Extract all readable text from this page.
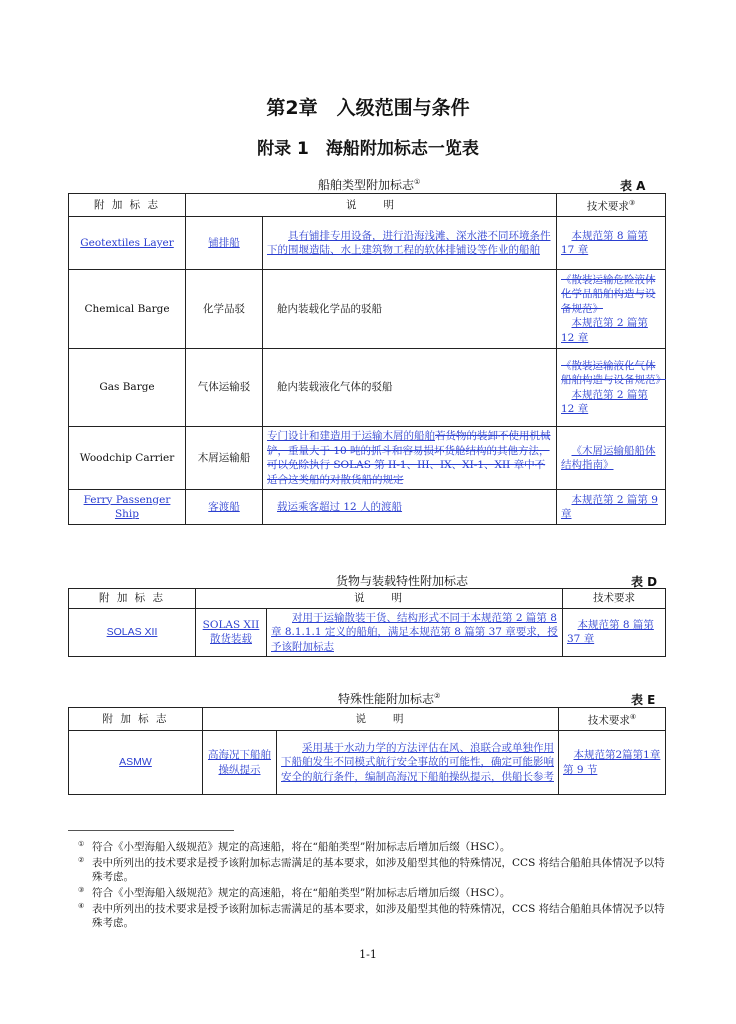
第2章　入级范围与条件
附录 1　海船附加标志一览表
船舶类型附加标志①	表 A
附 加 标 志	说　　明		技术要求③
Geotextiles Layer	铺排船	具有铺排专用设备，进行沿海浅滩、深水港不同环境条件下的围堰造陆、水上建筑物工程的软体排铺设等作业的船舶	本规范第 8 篇第 17 章
Chemical Barge	化学品驳	舱内装载化学品的驳船	《散装运输危险液体化学品船舶构造与设备规范》
本规范第 2 篇第 12 章

Gas Barge	气体运输驳	舱内装载液化气体的驳船	《散装运输液化气体船舶构造与设备规范》
本规范第 2 篇第 12 章

Woodchip Carrier	木屑运输船	专门设计和建造用于运输木屑的船舶若货物的装卸不使用机械铲，重量大于 10 吨的抓斗和容易损坏货舱结构的其他方法，可以免除执行 SOLAS 第 II-1、III、IX、XI-1、XII 章中不适合这类船的对散货船的规定	《木屑运输船船体结构指南》
Ferry Passenger Ship	客渡船	载运乘客超过 12 人的渡船	本规范第 2 篇第 9 章
货物与装载特性附加标志	表 D
附 加 标 志	说　　明		技术要求
SOLAS XII	SOLAS XII 散货装载	对用于运输散装干货、结构形式不同于本规范第 2 篇第 8 章 8.1.1.1 定义的船舶，满足本规范第 8 篇第 37 章要求，授予该附加标志	本规范第 8 篇第 37 章
特殊性能附加标志②	表 E
附 加 标 志	说　　明		技术要求④
ASMW	高海况下船舶操纵提示	采用基于水动力学的方法评估在风、浪联合或单独作用下船舶发生不同模式航行安全事故的可能性，确定可能影响安全的航行条件，编制高海况下船舶操纵提示，供船长参考	本规范第2篇第1章第 9 节
① 符合《小型海船入级规范》规定的高速船，将在“船舶类型”附加标志后增加后缀（HSC）。
② 表中所列出的技术要求是授予该附加标志需满足的基本要求，如涉及船型其他的特殊情况，CCS 将结合船舶具体情况予以特殊考虑。
③ 符合《小型海船入级规范》规定的高速船，将在“船舶类型”附加标志后增加后缀（HSC）。
④ 表中所列出的技术要求是授予该附加标志需满足的基本要求，如涉及船型其他的特殊情况，CCS 将结合船舶具体情况予以特殊考虑。
1-1
